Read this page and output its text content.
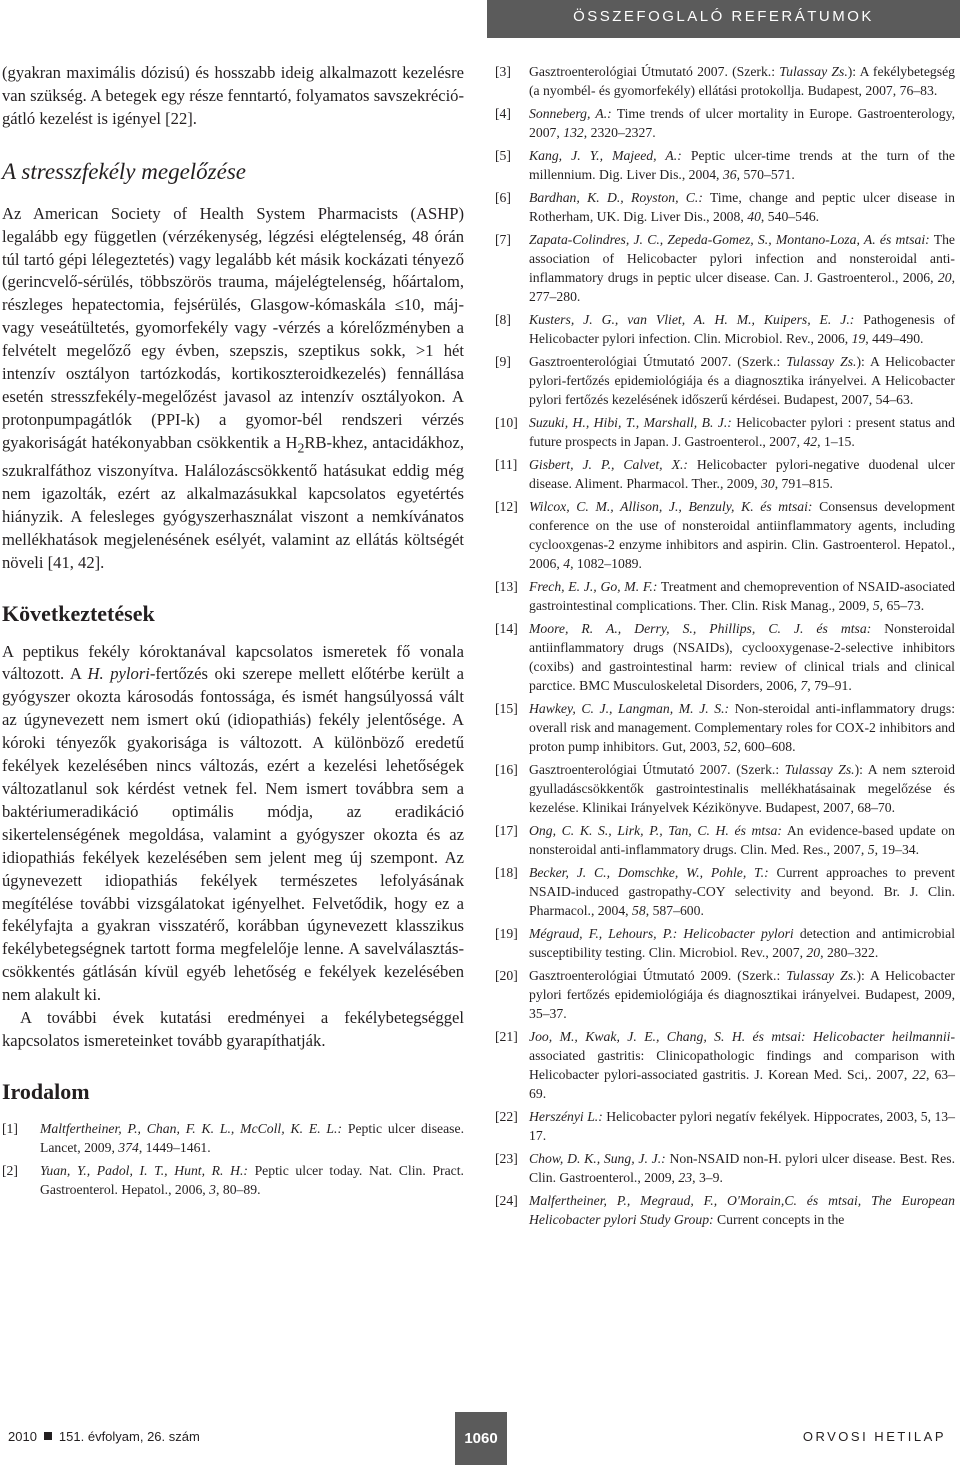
ÖSSZEFOGLALÓ REFERÁTUMOK

(gyakran maximális dózisú) és hosszabb ideig alkalmazott kezelésre van szükség. A betegek egy része fenntartó, folyamatos savszekréció-gátló kezelést is igényel [22].

A stresszfekély megelőzése

Az American Society of Health System Pharmacists (ASHP) legalább egy független (vérzékenység, légzési elégtelenség, 48 órán túl tartó gépi lélegeztetés) vagy legalább két másik kockázati tényező (gerincvelő-sérülés, többszörös trauma, májelégtelenség, hőártalom, részleges hepatectomia, fejsérülés, Glasgow-kómaskála ≤10, máj- vagy veseátültetés, gyomorfekély vagy -vérzés a kórelőzményben a felvételt megelőző egy évben, szepszis, szeptikus sokk, >1 hét intenzív osztályon tartózkodás, kortikoszteroidkezelés) fennállása esetén stresszfekély-megelőzést javasol az intenzív osztályokon. A protonpumpagátlók (PPI-k) a gyomor-bél rendszeri vérzés gyakoriságát hatékonyabban csökkentik a $H_2RB$-khez, antacidákhoz, szukralfáthoz viszonyítva. Halálozáscsökkentő hatásukat eddig még nem igazolták, ezért az alkalmazásukkal kapcsolatos egyetértés hiányzik. A felesleges gyógyszerhasználat viszont a nemkívánatos mellékhatások megjelenésének esélyét, valamint az ellátás költségét növeli [41, 42].

Következtetések

A peptikus fekély kóroktanával kapcsolatos ismeretek fő vonala változott. A H. pylori-fertőzés oki szerepe mellett előtérbe került a gyógyszer okozta károsodás fontossága, és ismét hangsúlyossá vált az úgynevezett nem ismert okú (idiopathiás) fekély jelentősége. A kóroki tényezők gyakorisága is változott. A különböző eredetű fekélyek kezelésében nincs változás, ezért a kezelési lehetőségek változatlanul sok kérdést vetnek fel. Nem ismert továbbra sem a baktériumeradikáció optimális módja, az eradikáció sikertelenségének megoldása, valamint a gyógyszer okozta és az idiopathiás fekélyek kezelésében sem jelent meg új szempont. Az úgynevezett idiopathiás fekélyek természetes lefolyásának megítélése további vizsgálatokat igényelhet. Felvetődik, hogy ez a fekélyfajta a gyakran visszatérő, korábban úgynevezett klasszikus fekélybetegségnek tartott forma megfelelője lenne. A savelválasztás-csökkentés gátlásán kívül egyéb lehetőség e fekélyek kezelésében nem alakult ki.

A további évek kutatási eredményei a fekélybetegséggel kapcsolatos ismereteinket tovább gyarapíthatják.

Irodalom

[1] Maltfertheiner, P., Chan, F. K. L., McColl, K. E. L.: Peptic ulcer disease. Lancet, 2009, 374, 1449–1461.

[2] Yuan, Y., Padol, I. T., Hunt, R. H.: Peptic ulcer today. Nat. Clin. Pract. Gastroenterol. Hepatol., 2006, 3, 80–89.

[3] Gasztroenterológiai Útmutató 2007. (Szerk.: Tulassay Zs.): A fekélybetegség (a nyombél- és gyomorfekély) ellátási protokollja. Budapest, 2007, 76–83.

[4] Sonneberg, A.: Time trends of ulcer mortality in Europe. Gastroenterology, 2007, 132, 2320–2327.

[5] Kang, J. Y., Majeed, A.: Peptic ulcer-time trends at the turn of the millennium. Dig. Liver Dis., 2004, 36, 570–571.

[6] Bardhan, K. D., Royston, C.: Time, change and peptic ulcer disease in Rotherham, UK. Dig. Liver Dis., 2008, 40, 540–546.

[7] Zapata-Colindres, J. C., Zepeda-Gomez, S., Montano-Loza, A. és mtsai: The association of Helicobacter pylori infection and nonsteroidal anti-inflammatory drugs in peptic ulcer disease. Can. J. Gastroenterol., 2006, 20, 277–280.

[8] Kusters, J. G., van Vliet, A. H. M., Kuipers, E. J.: Pathogenesis of Helicobacter pylori infection. Clin. Microbiol. Rev., 2006, 19, 449–490.

[9] Gasztroenterológiai Útmutató 2007. (Szerk.: Tulassay Zs.): A Helicobacter pylori-fertőzés epidemiológiája és a diagnosztika irányelvei. A Helicobacter pylori fertőzés kezelésének időszerű kérdései. Budapest, 2007, 54–63.

[10] Suzuki, H., Hibi, T., Marshall, B. J.: Helicobacter pylori : present status and future prospects in Japan. J. Gastroenterol., 2007, 42, 1–15.

[11] Gisbert, J. P., Calvet, X.: Helicobacter pylori-negative duodenal ulcer disease. Aliment. Pharmacol. Ther., 2009, 30, 791–815.

[12] Wilcox, C. M., Allison, J., Benzuly, K. és mtsai: Consensus development conference on the use of nonsteroidal antiinflammatory agents, including cyclooxgenas-2 enzyme inhibitors and aspirin. Clin. Gastroenterol. Hepatol., 2006, 4, 1082–1089.

[13] Frech, E. J., Go, M. F.: Treatment and chemoprevention of NSAID-asociated gastrointestinal complications. Ther. Clin. Risk Manag., 2009, 5, 65–73.

[14] Moore, R. A., Derry, S., Phillips, C. J. és mtsa: Nonsteroidal antiinflammatory drugs (NSAIDs), cyclooxygenase-2-selective inhibitors (coxibs) and gastrointestinal harm: review of clinical trials and clinical parctice. BMC Musculoskeletal Disorders, 2006, 7, 79–91.

[15] Hawkey, C. J., Langman, M. J. S.: Non-steroidal anti-inflammatory drugs: overall risk and management. Complementary roles for COX-2 inhibitors and proton pump inhibitors. Gut, 2003, 52, 600–608.

[16] Gasztroenterológiai Útmutató 2007. (Szerk.: Tulassay Zs.): A nem szteroid gyulladáscsökkentők gastrointestinalis mellékhatásainak megelőzése és kezelése. Klinikai Irányelvek Kézikönyve. Budapest, 2007, 68–70.

[17] Ong, C. K. S., Lirk, P., Tan, C. H. és mtsa: An evidence-based update on nonsteroidal anti-inflammatory drugs. Clin. Med. Res., 2007, 5, 19–34.

[18] Becker, J. C., Domschke, W., Pohle, T.: Current approaches to prevent NSAID-induced gastropathy-COY selectivity and beyond. Br. J. Clin. Pharmacol., 2004, 58, 587–600.

[19] Mégraud, F., Lehours, P.: Helicobacter pylori detection and antimicrobial susceptibility testing. Clin. Microbiol. Rev., 2007, 20, 280–322.

[20] Gasztroenterológiai Útmutató 2009. (Szerk.: Tulassay Zs.): A Helicobacter pylori fertőzés epidemiológiája és diagnosztikai irányelvei. Budapest, 2009, 35–37.

[21] Joo, M., Kwak, J. E., Chang, S. H. és mtsai: Helicobacter heilmannii-associated gastritis: Clinicopathologic findings and comparison with Helicobacter pylori-associated gastritis. J. Korean Med. Sci,. 2007, 22, 63–69.

[22] Herszényi L.: Helicobacter pylori negatív fekélyek. Hippocrates, 2003, 5, 13–17.

[23] Chow, D. K., Sung, J. J.: Non-NSAID non-H. pylori ulcer disease. Best. Res. Clin. Gastroenterol., 2009, 23, 3–9.

[24] Malfertheiner, P., Megraud, F., O'Morain,C. és mtsai, The European Helicobacter pylori Study Group: Current concepts in the

2010 151. évfolyam, 26. szám	1060	ORVOSI HETILAP
